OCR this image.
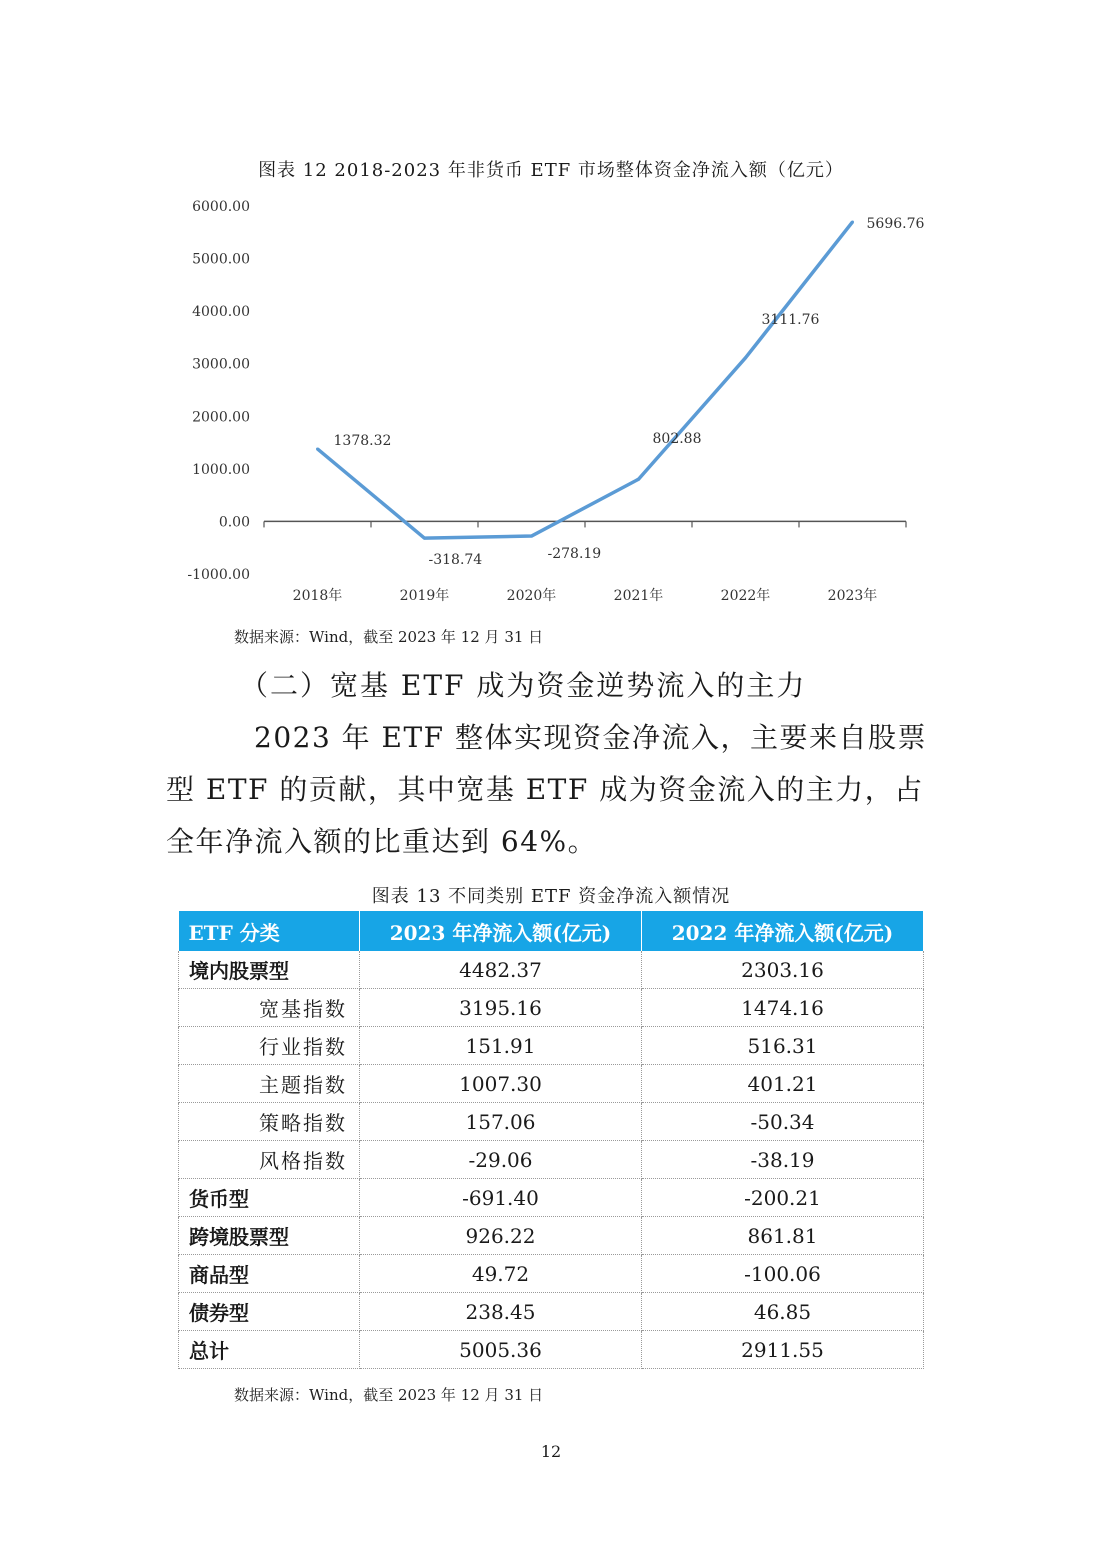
图表 12 2018-2023 年非货币 ETF 市场整体资金净流入额（亿元）
6000.00
5000.00
4000.00
3000.00
2000.00
1000.00
0.00
-1000.00
2018年	2019年	2020年	2021年	2022年	2023年
1378.32
-318.74	-278.19
802.88
3111.76
5696.76
数据来源：Wind，截至 2023 年 12 月 31 日
（二）宽基 ETF 成为资金逆势流入的主力
2023 年 ETF 整体实现资金净流入，主要来自股票型 ETF 的贡献，其中宽基 ETF 成为资金流入的主力，占全年净流入额的比重达到 64%。
图表 13 不同类别 ETF 资金净流入额情况
ETF 分类	2023 年净流入额(亿元)	2022 年净流入额(亿元)
境内股票型	4482.37	2303.16
宽基指数	3195.16	1474.16
行业指数	151.91	516.31
主题指数	1007.30	401.21
策略指数	157.06	-50.34
风格指数	-29.06	-38.19
货币型	-691.40	-200.21
跨境股票型	926.22	861.81
商品型	49.72	-100.06
债券型	238.45	46.85
总计	5005.36	2911.55
数据来源：Wind，截至 2023 年 12 月 31 日
12
